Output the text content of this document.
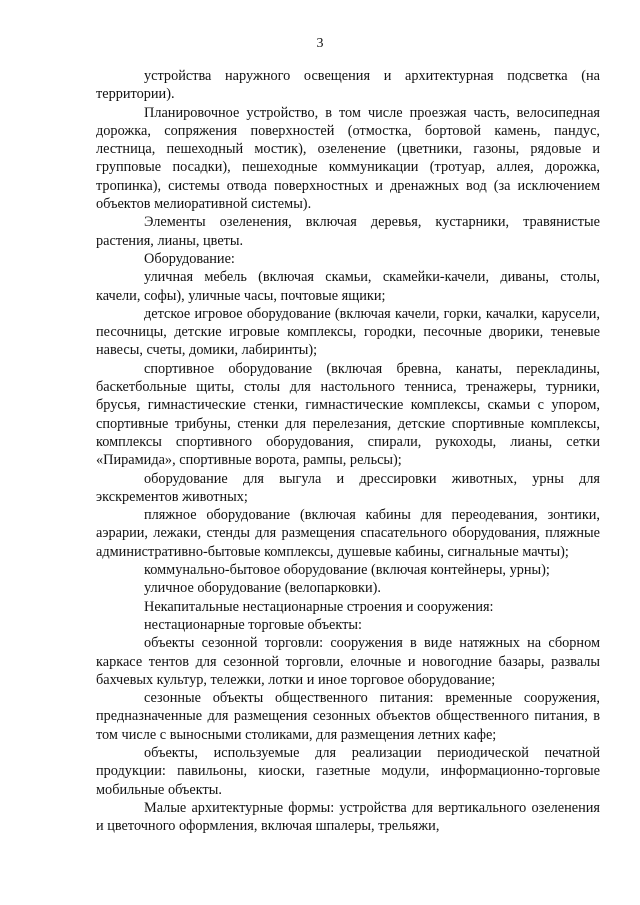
3

устройства наружного освещения и архитектурная подсветка (на территории).

Планировочное устройство, в том числе проезжая часть, велосипедная дорожка, сопряжения поверхностей (отмостка, бортовой камень, пандус, лестница, пешеходный мостик), озеленение (цветники, газоны, рядовые и групповые посадки), пешеходные коммуникации (тротуар, аллея, дорожка, тропинка), системы отвода поверхностных и дренажных вод (за исключением объектов мелиоративной системы).

Элементы озеленения, включая деревья, кустарники, травянистые растения, лианы, цветы.

Оборудование:

уличная мебель (включая скамьи, скамейки-качели, диваны, столы, качели, софы), уличные часы, почтовые ящики;

детское игровое оборудование (включая качели, горки, качалки, карусели, песочницы, детские игровые комплексы, городки, песочные дворики, теневые навесы, счеты, домики, лабиринты);

спортивное оборудование (включая бревна, канаты, перекладины, баскетбольные щиты, столы для настольного тенниса, тренажеры, турники, брусья, гимнастические стенки, гимнастические комплексы, скамьи с упором, спортивные трибуны, стенки для перелезания, детские спортивные комплексы, комплексы спортивного оборудования, спирали, рукоходы, лианы, сетки «Пирамида», спортивные ворота, рампы, рельсы);

оборудование для выгула и дрессировки животных, урны для экскрементов животных;

пляжное оборудование (включая кабины для переодевания, зонтики, аэрарии, лежаки, стенды для размещения спасательного оборудования, пляжные административно-бытовые комплексы, душевые кабины, сигнальные мачты);

коммунально-бытовое оборудование (включая контейнеры, урны);

уличное оборудование (велопарковки).

Некапитальные нестационарные строения и сооружения:

нестационарные торговые объекты:

объекты сезонной торговли: сооружения в виде натяжных на сборном каркасе тентов для сезонной торговли, елочные и новогодние базары, развалы бахчевых культур, тележки, лотки и иное торговое оборудование;

сезонные объекты общественного питания: временные сооружения, предназначенные для размещения сезонных объектов общественного питания, в том числе с выносными столиками, для размещения летних кафе;

объекты, используемые для реализации периодической печатной продукции: павильоны, киоски, газетные модули, информационно-торговые мобильные объекты.

Малые архитектурные формы: устройства для вертикального озеленения и цветочного оформления, включая шпалеры, трельяжи,
